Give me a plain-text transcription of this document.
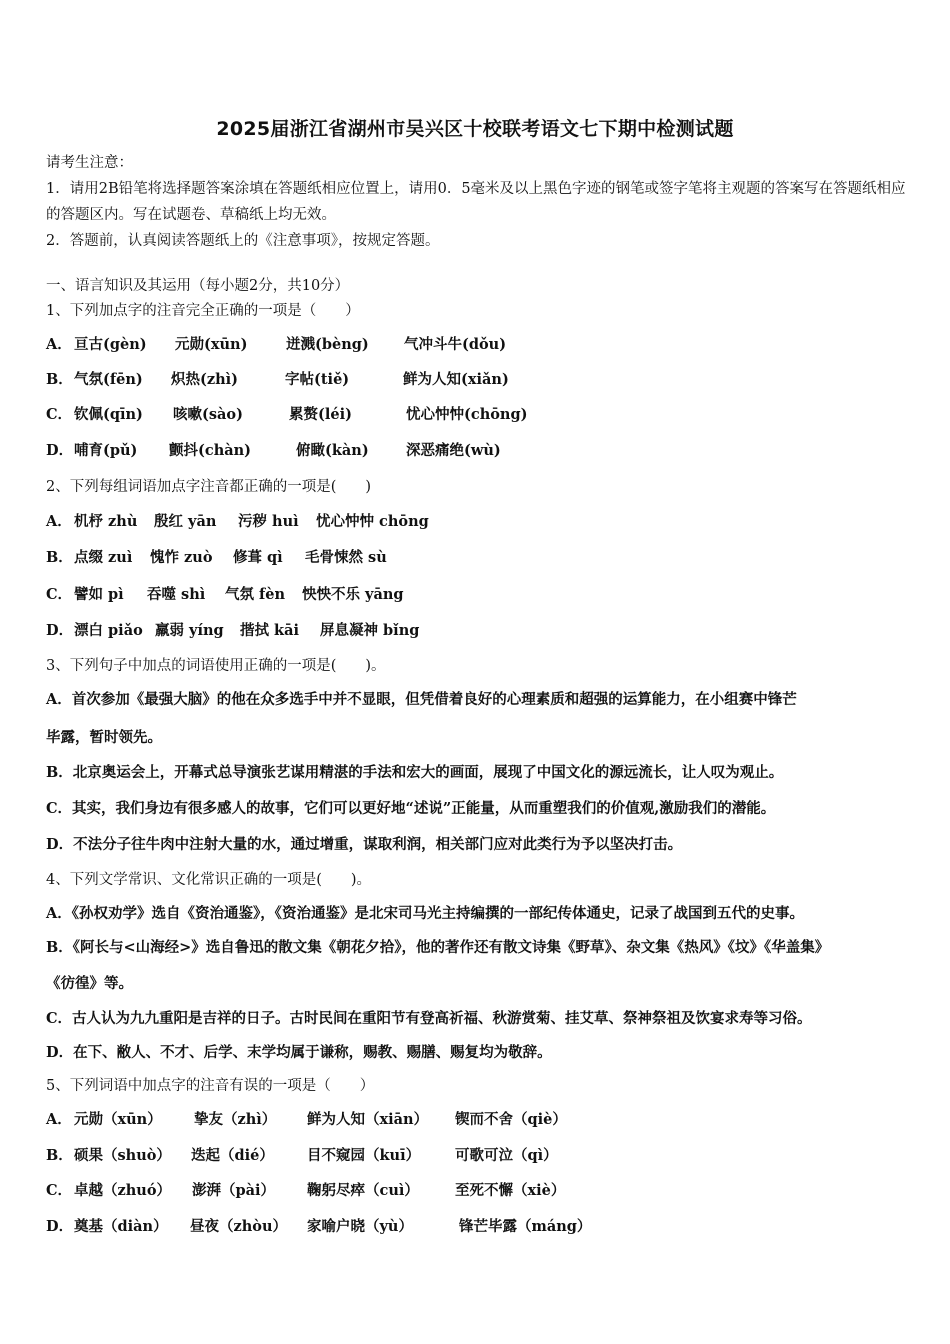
2025届浙江省湖州市吴兴区十校联考语文七下期中检测试题
请考生注意：
1．请用2B铅笔将选择题答案涂填在答题纸相应位置上，请用0．5毫米及以上黑色字迹的钢笔或签字笔将主观题的答案写在答题纸相应的答题区内。写在试题卷、草稿纸上均无效。
2．答题前，认真阅读答题纸上的《注意事项》，按规定答题。
一、语言知识及其运用（每小题2分，共10分）
1、下列加点字的注音完全正确的一项是（　　）
A． 亘古(gèn) 元勋(xūn)	迸溅(bèng) 气冲斗牛(dǒu)
B．气氛(fēn) 炽热(zhì)	字帖(tiě)	鲜为人知(xiǎn)
C． 钦佩(qīn) 咳嗽(sào)	累赘(léi)	忧心忡忡(chōng)
D．哺育(pǔ) 颤抖(chàn)	俯瞰(kàn)	深恶痛绝(wù)
2、下列每组词语加点字注音都正确的一项是(　　)
A． 机杼 zhù 殷红 yān 污秽 huì 忧心忡忡 chōng
B．点缀 zuì 愧怍 zuò 修葺 qì 毛骨悚然 sù
C． 譬如 pì 吞噬 shì 气氛 fèn 怏怏不乐 yāng
D．漂白 piǎo 羸弱 yíng 揩拭 kāi 屏息凝神 bǐng
3、下列句子中加点的词语使用正确的一项是(　　)。
A．首次参加《最强大脑》的他在众多选手中并不显眼，但凭借着良好的心理素质和超强的运算能力，在小组赛中锋芒
毕露，暂时领先。
B．北京奥运会上，开幕式总导演张艺谋用精湛的手法和宏大的画面，展现了中国文化的源远流长，让人叹为观止。
C．其实，我们身边有很多感人的故事，它们可以更好地“述说”正能量，从而重塑我们的价值观,激励我们的潜能。
D．不法分子往牛肉中注射大量的水，通过增重，谋取利润，相关部门应对此类行为予以坚决打击。
4、下列文学常识、文化常识正确的一项是(　　)。
A．《孙权劝学》选自《资治通鉴》，《资治通鉴》是北宋司马光主持编撰的一部纪传体通史，记录了战国到五代的史事。
B．《阿长与<山海经>》选自鲁迅的散文集《朝花夕拾》，他的著作还有散文诗集《野草》、杂文集《热风》《坟》《华盖集》
《彷徨》等。
C．古人认为九九重阳是吉祥的日子。古时民间在重阳节有登高祈福、秋游赏菊、挂艾草、祭神祭祖及饮宴求寿等习俗。
D．在下、敝人、不才、后学、末学均属于谦称，赐教、赐膳、赐复均为敬辞。
5、下列词语中加点字的注音有误的一项是（　　）
A． 元勋（xūn） 挚友（zhì） 鲜为人知（xiān） 锲而不舍（qiè）
B．硕果（shuò） 迭起（dié） 目不窥园（kuī） 可歌可泣（qì）
C． 卓越（zhuó） 澎湃（pài） 鞠躬尽瘁（cuì） 至死不懈（xiè）
D．奠基（diàn） 昼夜（zhòu） 家喻户晓（yù）	锋芒毕露（máng）
